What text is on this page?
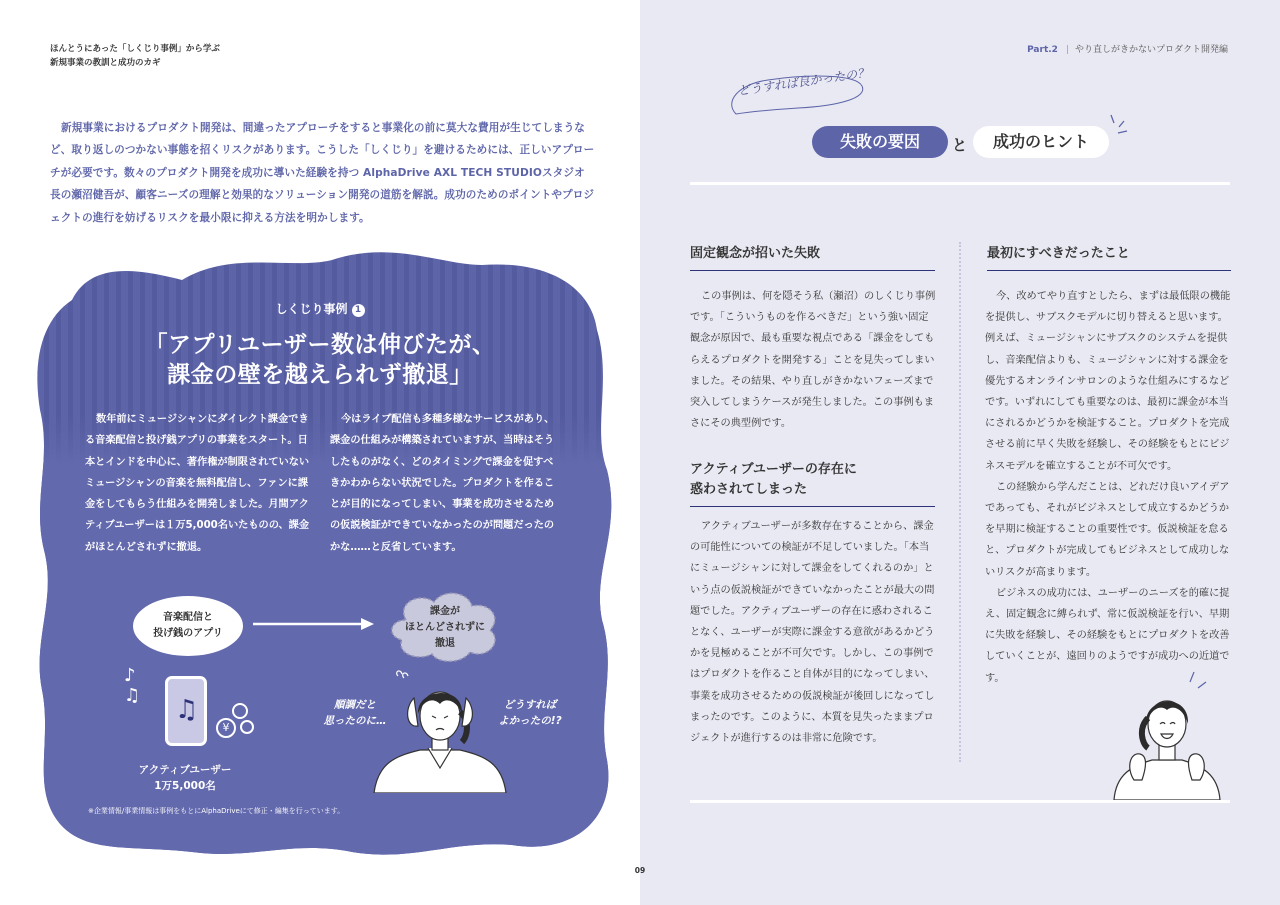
ほんとうにあった「しくじり事例」から学ぶ
新規事業の教訓と成功のカギ
新規事業におけるプロダクト開発は、間違ったアプローチをすると事業化の前に莫大な費用が生じてしまうなど、取り返しのつかない事態を招くリスクがあります。こうした「しくじり」を避けるためには、正しいアプローチが必要です。数々のプロダクト開発を成功に導いた経験を持つ AlphaDrive AXL TECH STUDIOスタジオ長の瀬沼健吾が、顧客ニーズの理解と効果的なソリューション開発の道筋を解説。成功のためのポイントやプロジェクトの進行を妨げるリスクを最小限に抑える方法を明かします。
しくじり事例 1
「アプリユーザー数は伸びたが、
課金の壁を越えられず撤退」
数年前にミュージシャンにダイレクト課金できる音楽配信と投げ銭アプリの事業をスタート。日本とインドを中心に、著作権が制限されていないミュージシャンの音楽を無料配信し、ファンに課金をしてもらう仕組みを開発しました。月間アクティブユーザーは１万5,000名いたものの、課金がほとんどされずに撤退。
今はライブ配信も多種多様なサービスがあり、課金の仕組みが構築されていますが、当時はそうしたものがなく、どのタイミングで課金を促すべきかわからない状況でした。プロダクトを作ることが目的になってしまい、事業を成功させるための仮説検証ができていなかったのが問題だったのかな……と反省しています。
音楽配信と
投げ銭のアプリ
課金が
ほとんどされずに
撤退
♪
♫ ♫
¥
アクティブユーザー
1万5,000名
順調だと
思ったのに…
どうすれば
よかったの!?
※企業情報/事業情報は事例をもとにAlphaDriveにて修正・編集を行っています。
Part.2 | やり直しがきかないプロダクト開発編
どうすれば良かったの？
失敗の要因	と	成功のヒント
固定観念が招いた失敗
この事例は、何を隠そう私（瀬沼）のしくじり事例です。「こういうものを作るべきだ」という強い固定観念が原因で、最も重要な視点である「課金をしてもらえるプロダクトを開発する」ことを見失ってしまいました。その結果、やり直しがきかないフェーズまで突入してしまうケースが発生しました。この事例もまさにその典型例です。
アクティブユーザーの存在に
惑わされてしまった
アクティブユーザーが多数存在することから、課金の可能性についての検証が不足していました。「本当にミュージシャンに対して課金をしてくれるのか」という点の仮説検証ができていなかったことが最大の問題でした。アクティブユーザーの存在に惑わされることなく、ユーザーが実際に課金する意欲があるかどうかを見極めることが不可欠です。しかし、この事例ではプロダクトを作ること自体が目的になってしまい、事業を成功させるための仮説検証が後回しになってしまったのです。このように、本質を見失ったままプロジェクトが進行するのは非常に危険です。
最初にすべきだったこと

今、改めてやり直すとしたら、まずは最低限の機能を提供し、サブスクモデルに切り替えると思います。例えば、ミュージシャンにサブスクのシステムを提供し、音楽配信よりも、ミュージシャンに対する課金を優先するオンラインサロンのような仕組みにするなどです。いずれにしても重要なのは、最初に課金が本当にされるかどうかを検証すること。プロダクトを完成させる前に早く失敗を経験し、その経験をもとにビジネスモデルを確立することが不可欠です。

この経験から学んだことは、どれだけ良いアイデアであっても、それがビジネスとして成立するかどうかを早期に検証することの重要性です。仮説検証を怠ると、プロダクトが完成してもビジネスとして成功しないリスクが高まります。

ビジネスの成功には、ユーザーのニーズを的確に捉え、固定観念に縛られず、常に仮説検証を行い、早期に失敗を経験し、その経験をもとにプロダクトを改善していくことが、遠回りのようですが成功への近道です。

09
